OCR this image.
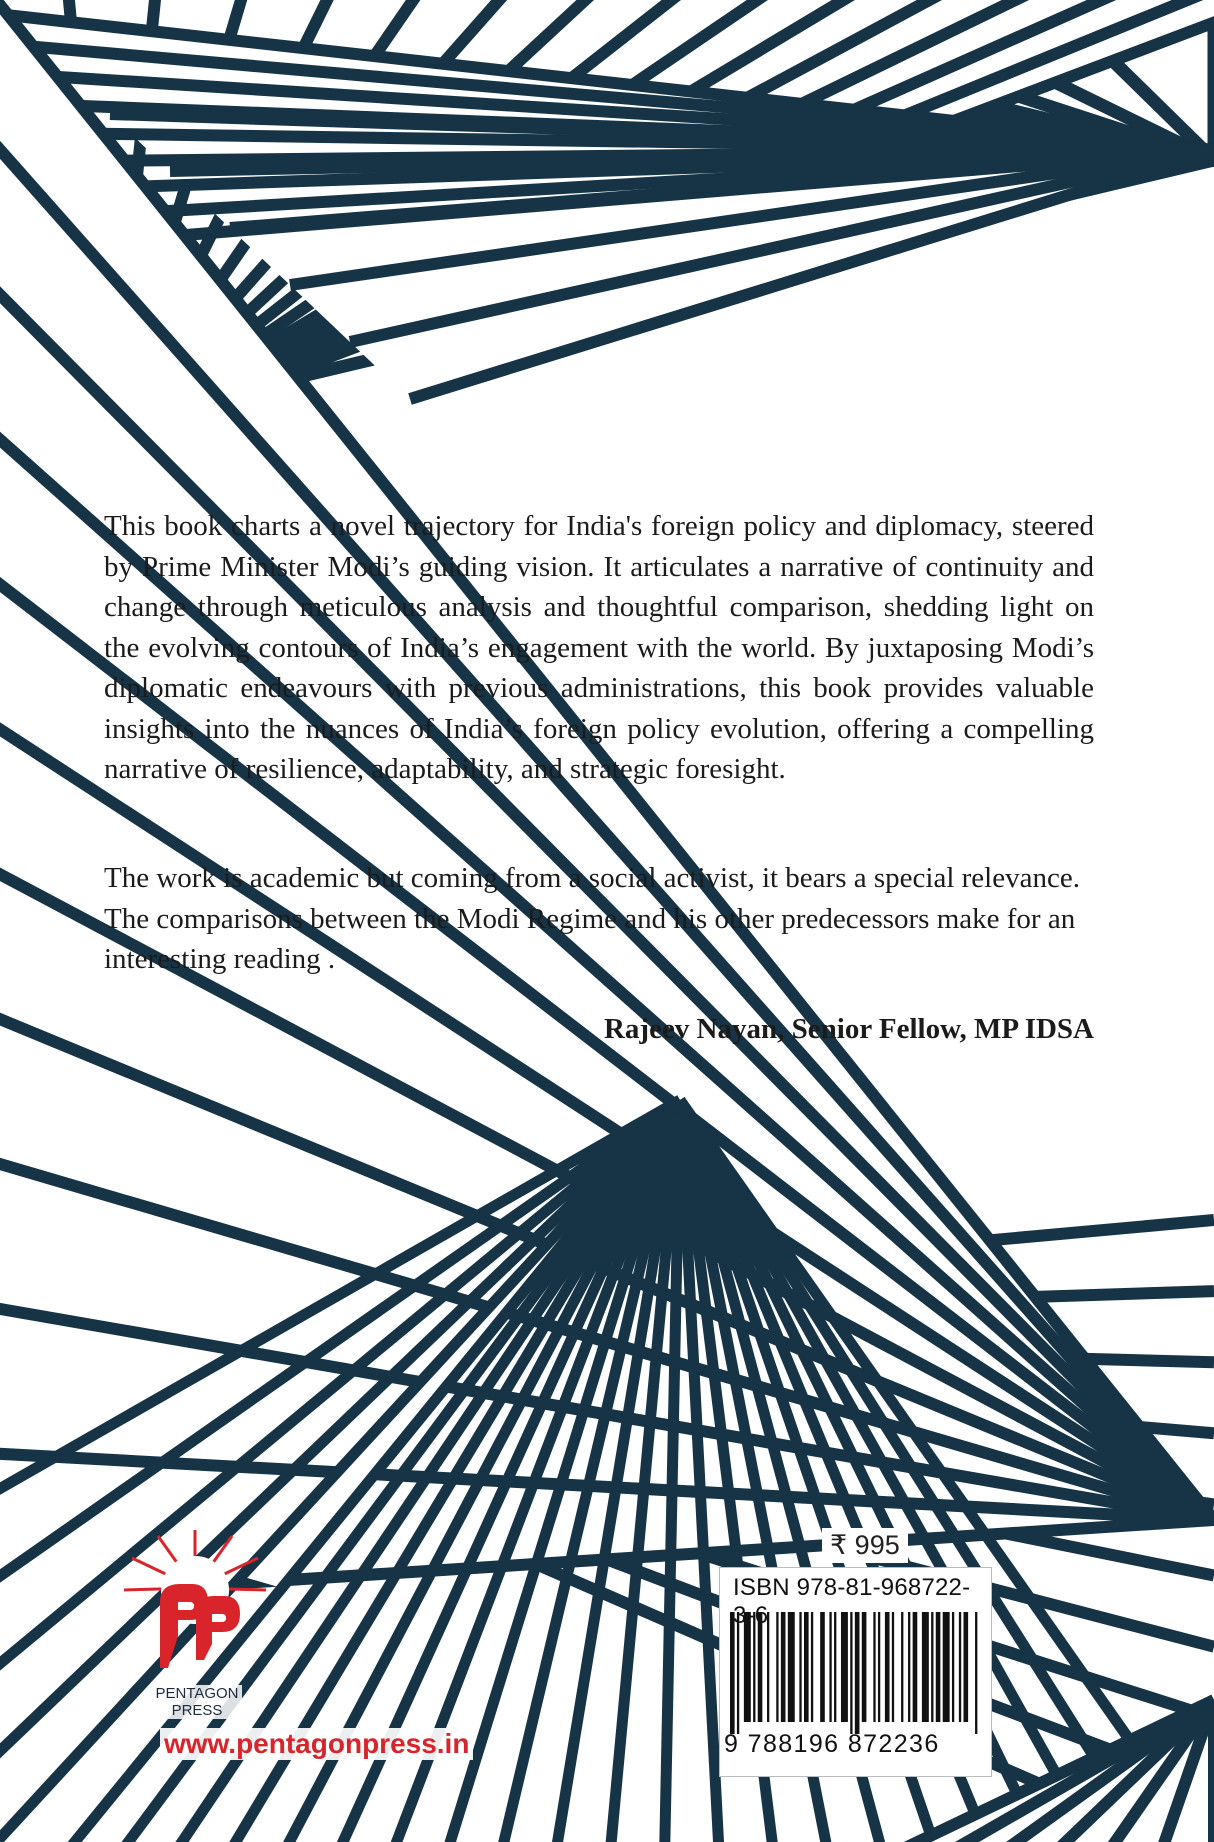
This book charts a novel trajectory for India's foreign policy and diplomacy, steered by Prime Minister Modi’s guiding vision. It articulates a narrative of continuity and change through meticulous analysis and thoughtful comparison, shedding light on the evolving contours of India’s engagement with the world. By juxtaposing Modi’s diplomatic endeavours with previous administrations, this book provides valuable insights into the nuances of India’s foreign policy evolution, offering a compelling narrative of resilience, adaptability, and strategic foresight.

The work is academic but coming from a social activist, it bears a special relevance. The comparisons between the Modi Regime and his other predecessors make for an interesting reading .

Rajeev Nayan, Senior Fellow, MP IDSA
₹ 995
ISBN 978-81-968722-3-6
9 788196 872236
PENTAGON
PRESS
www.pentagonpress.in
